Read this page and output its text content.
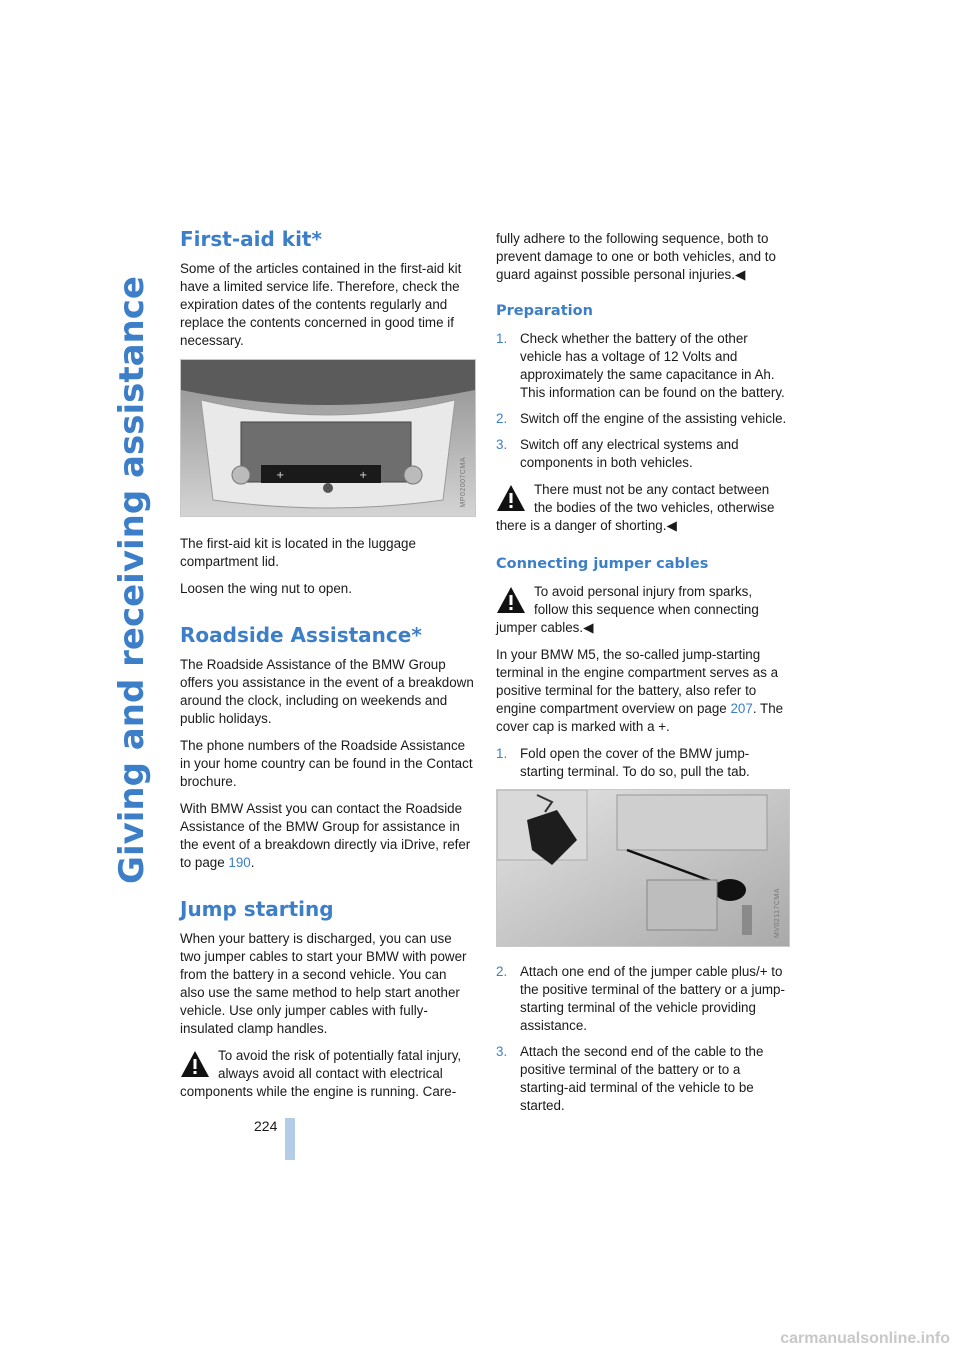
Giving and receiving assistance
First-aid kit*

Some of the articles contained in the first-aid kit have a limited service life. Therefore, check the expiration dates of the contents regularly and replace the contents concerned in good time if necessary.

+	+	MP02007CMA

The first-aid kit is located in the luggage compartment lid.

Loosen the wing nut to open.

Roadside Assistance*

The Roadside Assistance of the BMW Group offers you assistance in the event of a breakdown around the clock, including on weekends and public holidays.

The phone numbers of the Roadside Assistance in your home country can be found in the Contact brochure.

With BMW Assist you can contact the Roadside Assistance of the BMW Group for assistance in the event of a breakdown directly via iDrive, refer to page 190.

Jump starting

When your battery is discharged, you can use two jumper cables to start your BMW with power from the battery in a second vehicle. You can also use the same method to help start another vehicle. Use only jumper cables with fully-insulated clamp handles.

To avoid the risk of potentially fatal injury, always avoid all contact with electrical components while the engine is running. Care-

fully adhere to the following sequence, both to prevent damage to one or both vehicles, and to guard against possible personal injuries.◀

Preparation
1. Check whether the battery of the other vehicle has a voltage of 12 Volts and approximately the same capacitance in Ah. This information can be found on the battery.
2. Switch off the engine of the assisting vehicle.
3. Switch off any electrical systems and components in both vehicles.
There must not be any contact between the bodies of the two vehicles, otherwise there is a danger of shorting.◀
Connecting jumper cables
To avoid personal injury from sparks, follow this sequence when connecting jumper cables.◀

In your BMW M5, the so-called jump-starting terminal in the engine compartment serves as a positive terminal for the battery, also refer to engine compartment overview on page 207. The cover cap is marked with a +.

1. Fold open the cover of the BMW jump-starting terminal. To do so, pull the tab.
MV02117CMA
2. Attach one end of the jumper cable plus/+ to the positive terminal of the battery or a jump-starting terminal of the vehicle providing assistance.
3. Attach the second end of the cable to the positive terminal of the battery or to a starting-aid terminal of the vehicle to be started.
224
carmanualsonline.info
